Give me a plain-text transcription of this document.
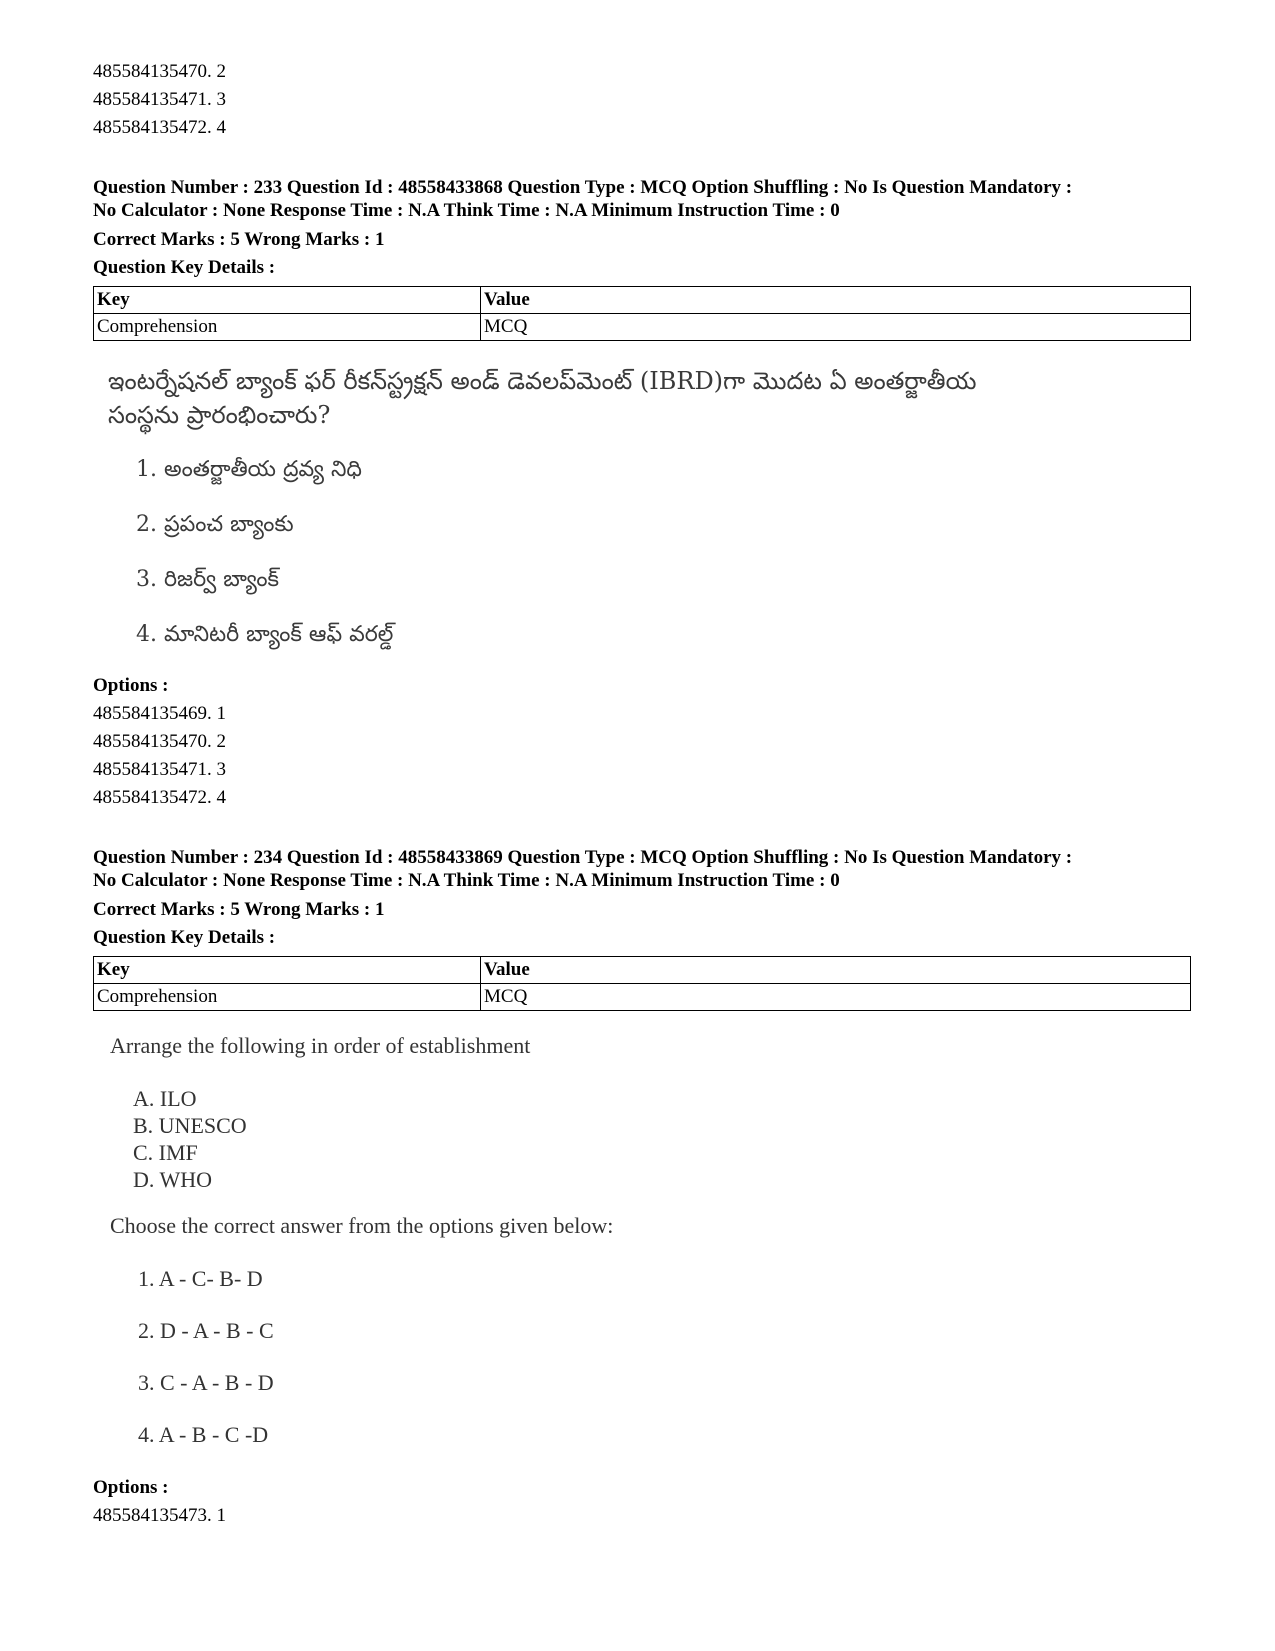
485584135470. 2
485584135471. 3
485584135472. 4
Question Number : 233 Question Id : 48558433868 Question Type : MCQ Option Shuffling : No Is Question Mandatory :
No Calculator : None Response Time : N.A Think Time : N.A Minimum Instruction Time : 0
Correct Marks : 5 Wrong Marks : 1
Question Key Details :
Key	Value
Comprehension	MCQ
ఇంటర్నేషనల్ బ్యాంక్ ఫర్ రీకన్‌స్ట్రక్షన్ అండ్ డెవలప్‌మెంట్ (IBRD)గా మొదట ఏ అంతర్జాతీయ
సంస్థను ప్రారంభించారు?
1. అంతర్జాతీయ ద్రవ్య నిధి
2. ప్రపంచ బ్యాంకు
3. రిజర్వ్ బ్యాంక్
4. మానిటరీ బ్యాంక్ ఆఫ్ వరల్డ్
Options :
485584135469. 1
485584135470. 2
485584135471. 3
485584135472. 4
Question Number : 234 Question Id : 48558433869 Question Type : MCQ Option Shuffling : No Is Question Mandatory :
No Calculator : None Response Time : N.A Think Time : N.A Minimum Instruction Time : 0
Correct Marks : 5 Wrong Marks : 1
Question Key Details :
Key	Value
Comprehension	MCQ
Arrange the following in order of establishment
A. ILO
B. UNESCO
C. IMF
D. WHO
Choose the correct answer from the options given below:
1. A - C- B- D
2. D - A - B - C
3. C - A - B - D
4. A - B - C -D
Options :
485584135473. 1
